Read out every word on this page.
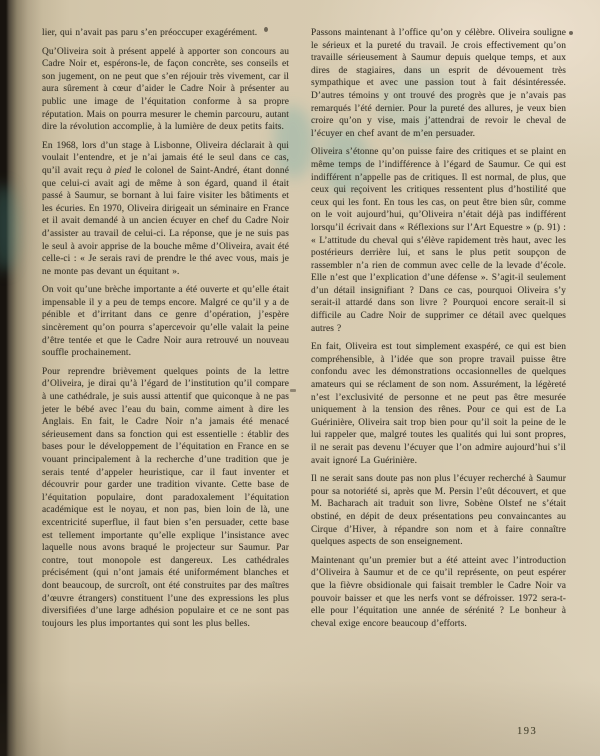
lier, qui n’avait pas paru s’en préoccuper exagérément.

Qu’Oliveira soit à présent appelé à apporter son concours au Cadre Noir et, espérons-le, de façon concrète, ses conseils et son jugement, on ne peut que s’en réjouir très vivement, car il aura sûrement à cœur d’aider le Cadre Noir à présenter au public une image de l’équitation conforme à sa propre réputation. Mais on pourra mesurer le chemin parcouru, autant dire la révolution accomplie, à la lumière de deux petits faits.

En 1968, lors d’un stage à Lisbonne, Oliveira déclarait à qui voulait l’entendre, et je n’ai jamais été le seul dans ce cas, qu’il avait reçu à pied le colonel de Saint-André, étant donné que celui-ci avait agi de même à son égard, quand il était passé à Saumur, se bornant à lui faire visiter les bâtiments et les écuries. En 1970, Oliveira dirigeait un séminaire en France et il avait demandé à un ancien écuyer en chef du Cadre Noir d’assister au travail de celui-ci. La réponse, que je ne suis pas le seul à avoir apprise de la bouche même d’Oliveira, avait été celle-ci : « Je serais ravi de prendre le thé avec vous, mais je ne monte pas devant un équitant ».

On voit qu’une brèche importante a été ouverte et qu’elle était impensable il y a peu de temps encore. Malgré ce qu’il y a de pénible et d’irritant dans ce genre d’opération, j’espère sincèrement qu’on pourra s’apercevoir qu’elle valait la peine d’être tentée et que le Cadre Noir aura retrouvé un nouveau souffle prochainement.

Pour reprendre brièvement quelques points de la lettre d’Oliveira, je dirai qu’à l’égard de l’institution qu’il compare à une cathédrale, je suis aussi attentif que quiconque à ne pas jeter le bébé avec l’eau du bain, comme aiment à dire les Anglais. En fait, le Cadre Noir n’a jamais été menacé sérieusement dans sa fonction qui est essentielle : établir des bases pour le développement de l’équitation en France en se vouant principalement à la recherche d’une tradition que je serais tenté d’appeler heuristique, car il faut inventer et découvrir pour garder une tradition vivante. Cette base de l’équitation populaire, dont paradoxalement l’équitation académique est le noyau, et non pas, bien loin de là, une excentricité superflue, il faut bien s’en persuader, cette base est tellement importante qu’elle explique l’insistance avec laquelle nous avons braqué le projecteur sur Saumur. Par contre, tout monopole est dangereux. Les cathédrales précisément (qui n’ont jamais été uniformément blanches et dont beaucoup, de surcroît, ont été construites par des maîtres d’œuvre étrangers) constituent l’une des expressions les plus diversifiées d’une large adhésion populaire et ce ne sont pas toujours les plus importantes qui sont les plus belles.

Passons maintenant à l’office qu’on y célèbre. Oliveira souligne le sérieux et la pureté du travail. Je crois effectivement qu’on travaille sérieusement à Saumur depuis quelque temps, et aux dires de stagiaires, dans un esprit de dévouement très sympathique et avec une passion tout à fait désintéressée. D’autres témoins y ont trouvé des progrès que je n’avais pas remarqués l’été dernier. Pour la pureté des allures, je veux bien croire qu’on y vise, mais j’attendrai de revoir le cheval de l’écuyer en chef avant de m’en persuader.

Oliveira s’étonne qu’on puisse faire des critiques et se plaint en même temps de l’indifférence à l’égard de Saumur. Ce qui est indifférent n’appelle pas de critiques. Il est normal, de plus, que ceux qui reçoivent les critiques ressentent plus d’hostilité que ceux qui les font. En tous les cas, on peut être bien sûr, comme on le voit aujourd’hui, qu’Oliveira n’était déjà pas indifférent lorsqu’il écrivait dans « Réflexions sur l’Art Equestre » (p. 91) : « L’attitude du cheval qui s’élève rapidement très haut, avec les postérieurs derrière lui, et sans le plus petit soupçon de rassembler n’a rien de commun avec celle de la levade d’école. Elle n’est que l’explication d’une défense ». S’agit-il seulement d’un détail insignifiant ? Dans ce cas, pourquoi Oliveira s’y serait-il attardé dans son livre ? Pourquoi encore serait-il si difficile au Cadre Noir de supprimer ce détail avec quelques autres ?

En fait, Oliveira est tout simplement exaspéré, ce qui est bien compréhensible, à l’idée que son propre travail puisse être confondu avec les démonstrations occasionnelles de quelques amateurs qui se réclament de son nom. Assurément, la légèreté n’est l’exclusivité de personne et ne peut pas être mesurée uniquement à la tension des rênes. Pour ce qui est de La Guérinière, Oliveira sait trop bien pour qu’il soit la peine de le lui rappeler que, malgré toutes les qualités qui lui sont propres, il ne serait pas devenu l’écuyer que l’on admire aujourd’hui s’il avait ignoré La Guérinière.

Il ne serait sans doute pas non plus l’écuyer recherché à Saumur pour sa notoriété si, après que M. Persin l’eût découvert, et que M. Bacharach ait traduit son livre, Sobène Olstef ne s’était obstiné, en dépit de deux présentations peu convaincantes au Cirque d’Hiver, à répandre son nom et à faire connaître quelques aspects de son enseignement.

Maintenant qu’un premier but a été atteint avec l’introduction d’Oliveira à Saumur et de ce qu’il représente, on peut espérer que la fièvre obsidionale qui faisait trembler le Cadre Noir va pouvoir baisser et que les nerfs vont se défroisser. 1972 sera-t-elle pour l’équitation une année de sérénité ? Le bonheur à cheval exige encore beaucoup d’efforts.

193
